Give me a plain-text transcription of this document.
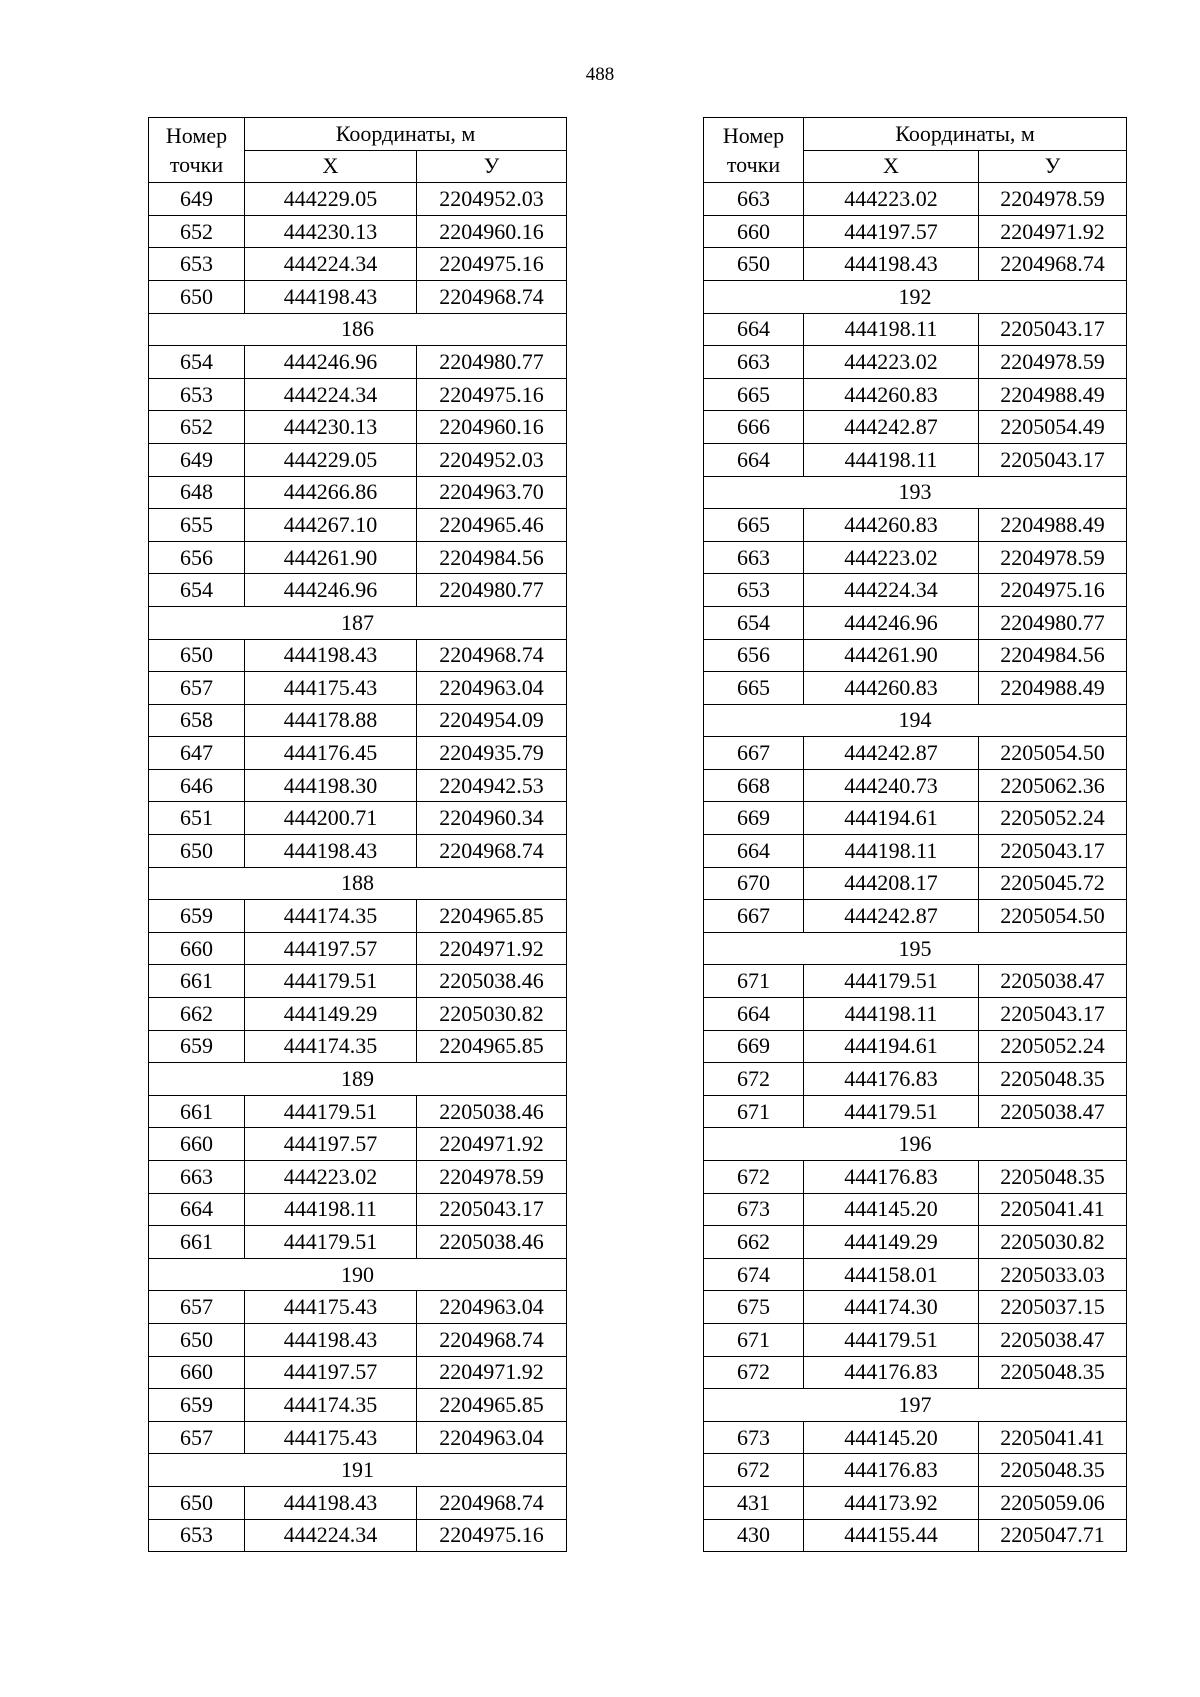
488
Номер точки	Координаты, м	
	X	У
649	444229.05	2204952.03
652	444230.13	2204960.16
653	444224.34	2204975.16
650	444198.43	2204968.74
186		
654	444246.96	2204980.77
653	444224.34	2204975.16
652	444230.13	2204960.16
649	444229.05	2204952.03
648	444266.86	2204963.70
655	444267.10	2204965.46
656	444261.90	2204984.56
654	444246.96	2204980.77
187		
650	444198.43	2204968.74
657	444175.43	2204963.04
658	444178.88	2204954.09
647	444176.45	2204935.79
646	444198.30	2204942.53
651	444200.71	2204960.34
650	444198.43	2204968.74
188		
659	444174.35	2204965.85
660	444197.57	2204971.92
661	444179.51	2205038.46
662	444149.29	2205030.82
659	444174.35	2204965.85
189		
661	444179.51	2205038.46
660	444197.57	2204971.92
663	444223.02	2204978.59
664	444198.11	2205043.17
661	444179.51	2205038.46
190		
657	444175.43	2204963.04
650	444198.43	2204968.74
660	444197.57	2204971.92
659	444174.35	2204965.85
657	444175.43	2204963.04
191		
650	444198.43	2204968.74
653	444224.34	2204975.16
Номер точки	Координаты, м	
	X	У
663	444223.02	2204978.59
660	444197.57	2204971.92
650	444198.43	2204968.74
192		
664	444198.11	2205043.17
663	444223.02	2204978.59
665	444260.83	2204988.49
666	444242.87	2205054.49
664	444198.11	2205043.17
193		
665	444260.83	2204988.49
663	444223.02	2204978.59
653	444224.34	2204975.16
654	444246.96	2204980.77
656	444261.90	2204984.56
665	444260.83	2204988.49
194		
667	444242.87	2205054.50
668	444240.73	2205062.36
669	444194.61	2205052.24
664	444198.11	2205043.17
670	444208.17	2205045.72
667	444242.87	2205054.50
195		
671	444179.51	2205038.47
664	444198.11	2205043.17
669	444194.61	2205052.24
672	444176.83	2205048.35
671	444179.51	2205038.47
196		
672	444176.83	2205048.35
673	444145.20	2205041.41
662	444149.29	2205030.82
674	444158.01	2205033.03
675	444174.30	2205037.15
671	444179.51	2205038.47
672	444176.83	2205048.35
197		
673	444145.20	2205041.41
672	444176.83	2205048.35
431	444173.92	2205059.06
430	444155.44	2205047.71
